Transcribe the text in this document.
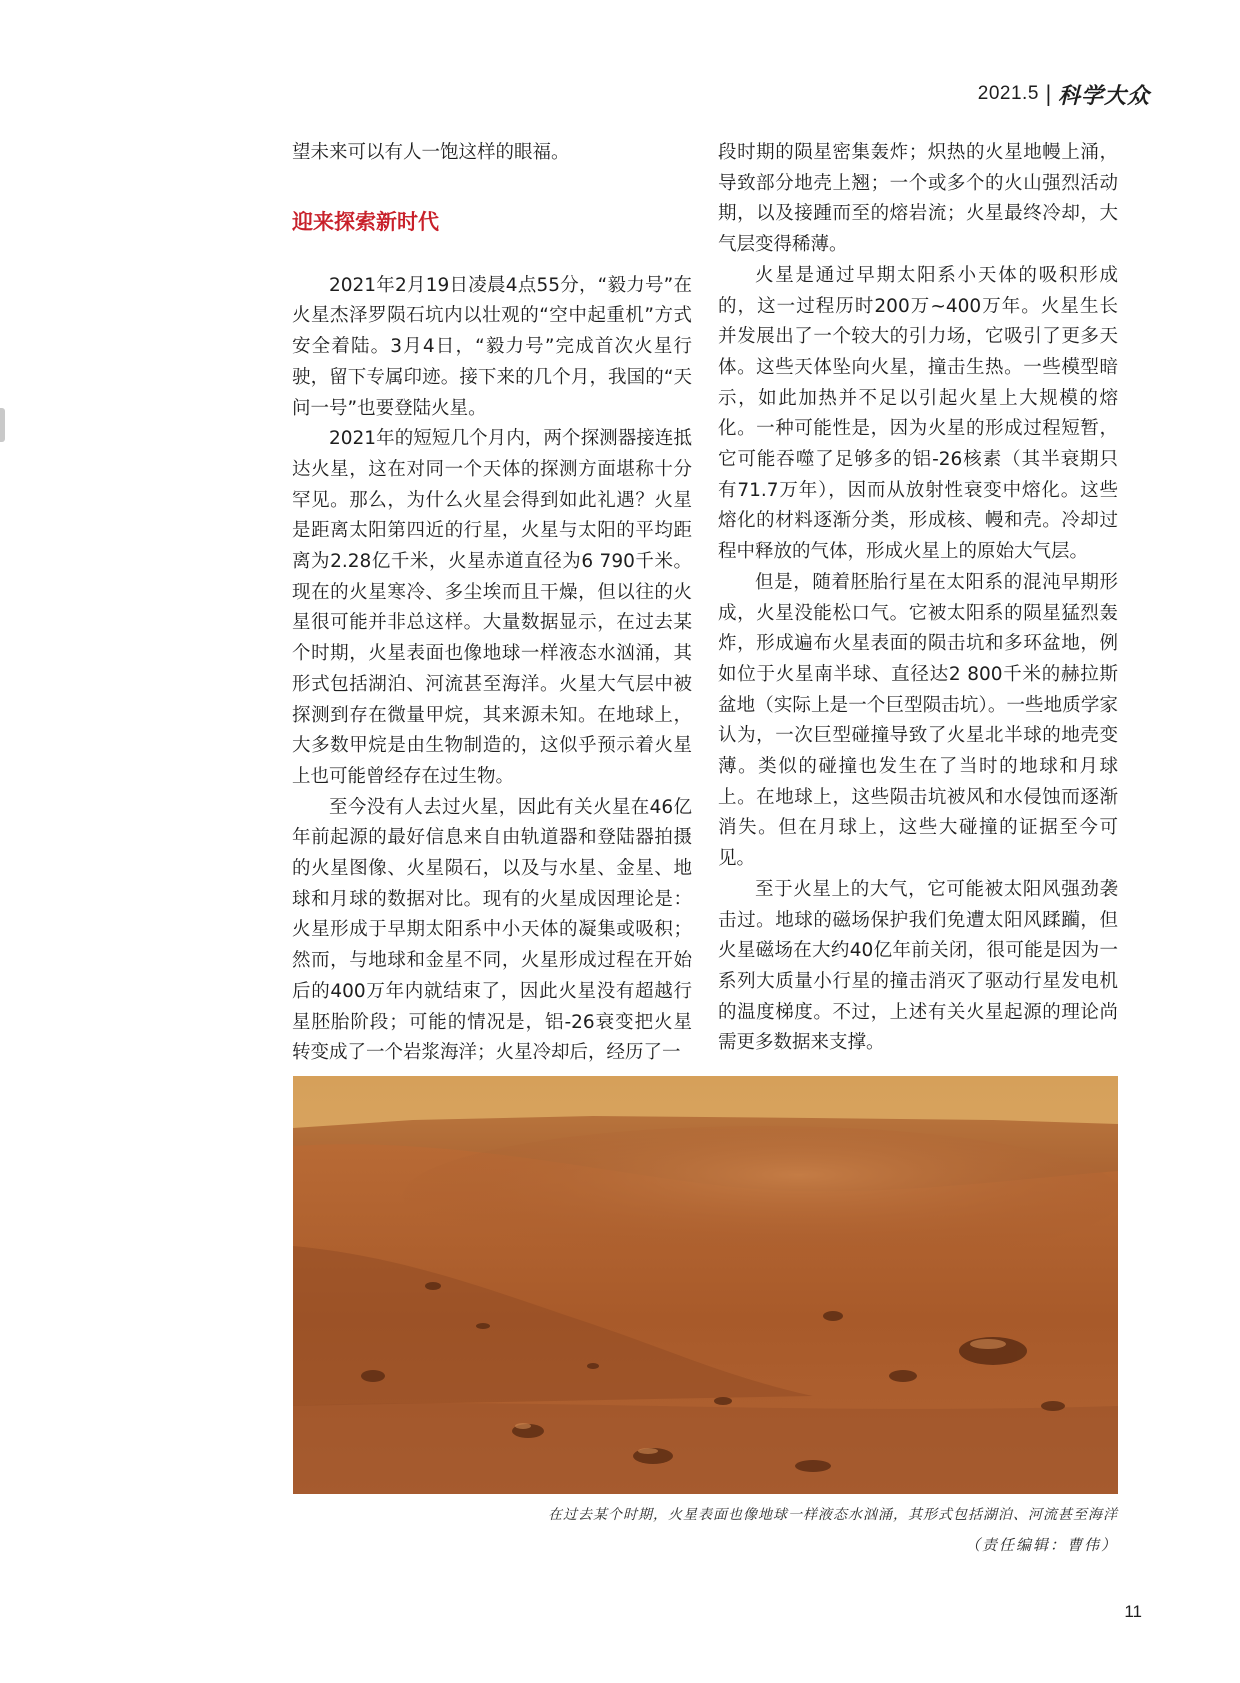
2021.5 | 科学大众

望未来可以有人一饱这样的眼福。

迎来探索新时代

2021年2月19日凌晨4点55分，“毅力号”在火星杰泽罗陨石坑内以壮观的“空中起重机”方式安全着陆。3月4日，“毅力号”完成首次火星行驶，留下专属印迹。接下来的几个月，我国的“天问一号”也要登陆火星。

2021年的短短几个月内，两个探测器接连抵达火星，这在对同一个天体的探测方面堪称十分罕见。那么，为什么火星会得到如此礼遇？火星是距离太阳第四近的行星，火星与太阳的平均距离为2.28亿千米，火星赤道直径为6 790千米。现在的火星寒冷、多尘埃而且干燥，但以往的火星很可能并非总这样。大量数据显示，在过去某个时期，火星表面也像地球一样液态水汹涌，其形式包括湖泊、河流甚至海洋。火星大气层中被探测到存在微量甲烷，其来源未知。在地球上，大多数甲烷是由生物制造的，这似乎预示着火星上也可能曾经存在过生物。

至今没有人去过火星，因此有关火星在46亿年前起源的最好信息来自由轨道器和登陆器拍摄的火星图像、火星陨石，以及与水星、金星、地球和月球的数据对比。现有的火星成因理论是：火星形成于早期太阳系中小天体的凝集或吸积；然而，与地球和金星不同，火星形成过程在开始后的400万年内就结束了，因此火星没有超越行星胚胎阶段；可能的情况是，铝-26衰变把火星转变成了一个岩浆海洋；火星冷却后，经历了一

段时期的陨星密集轰炸；炽热的火星地幔上涌，导致部分地壳上翘；一个或多个的火山强烈活动期，以及接踵而至的熔岩流；火星最终冷却，大气层变得稀薄。

火星是通过早期太阳系小天体的吸积形成的，这一过程历时200万~400万年。火星生长并发展出了一个较大的引力场，它吸引了更多天体。这些天体坠向火星，撞击生热。一些模型暗示，如此加热并不足以引起火星上大规模的熔化。一种可能性是，因为火星的形成过程短暂，它可能吞噬了足够多的铝-26核素（其半衰期只有71.7万年），因而从放射性衰变中熔化。这些熔化的材料逐渐分类，形成核、幔和壳。冷却过程中释放的气体，形成火星上的原始大气层。

但是，随着胚胎行星在太阳系的混沌早期形成，火星没能松口气。它被太阳系的陨星猛烈轰炸，形成遍布火星表面的陨击坑和多环盆地，例如位于火星南半球、直径达2 800千米的赫拉斯盆地（实际上是一个巨型陨击坑）。一些地质学家认为，一次巨型碰撞导致了火星北半球的地壳变薄。类似的碰撞也发生在了当时的地球和月球上。在地球上，这些陨击坑被风和水侵蚀而逐渐消失。但在月球上，这些大碰撞的证据至今可见。

至于火星上的大气，它可能被太阳风强劲袭击过。地球的磁场保护我们免遭太阳风蹂躏，但火星磁场在大约40亿年前关闭，很可能是因为一系列大质量小行星的撞击消灭了驱动行星发电机的温度梯度。不过，上述有关火星起源的理论尚需更多数据来支撑。

在过去某个时期，火星表面也像地球一样液态水汹涌，其形式包括湖泊、河流甚至海洋
（责任编辑：曹伟）
11
